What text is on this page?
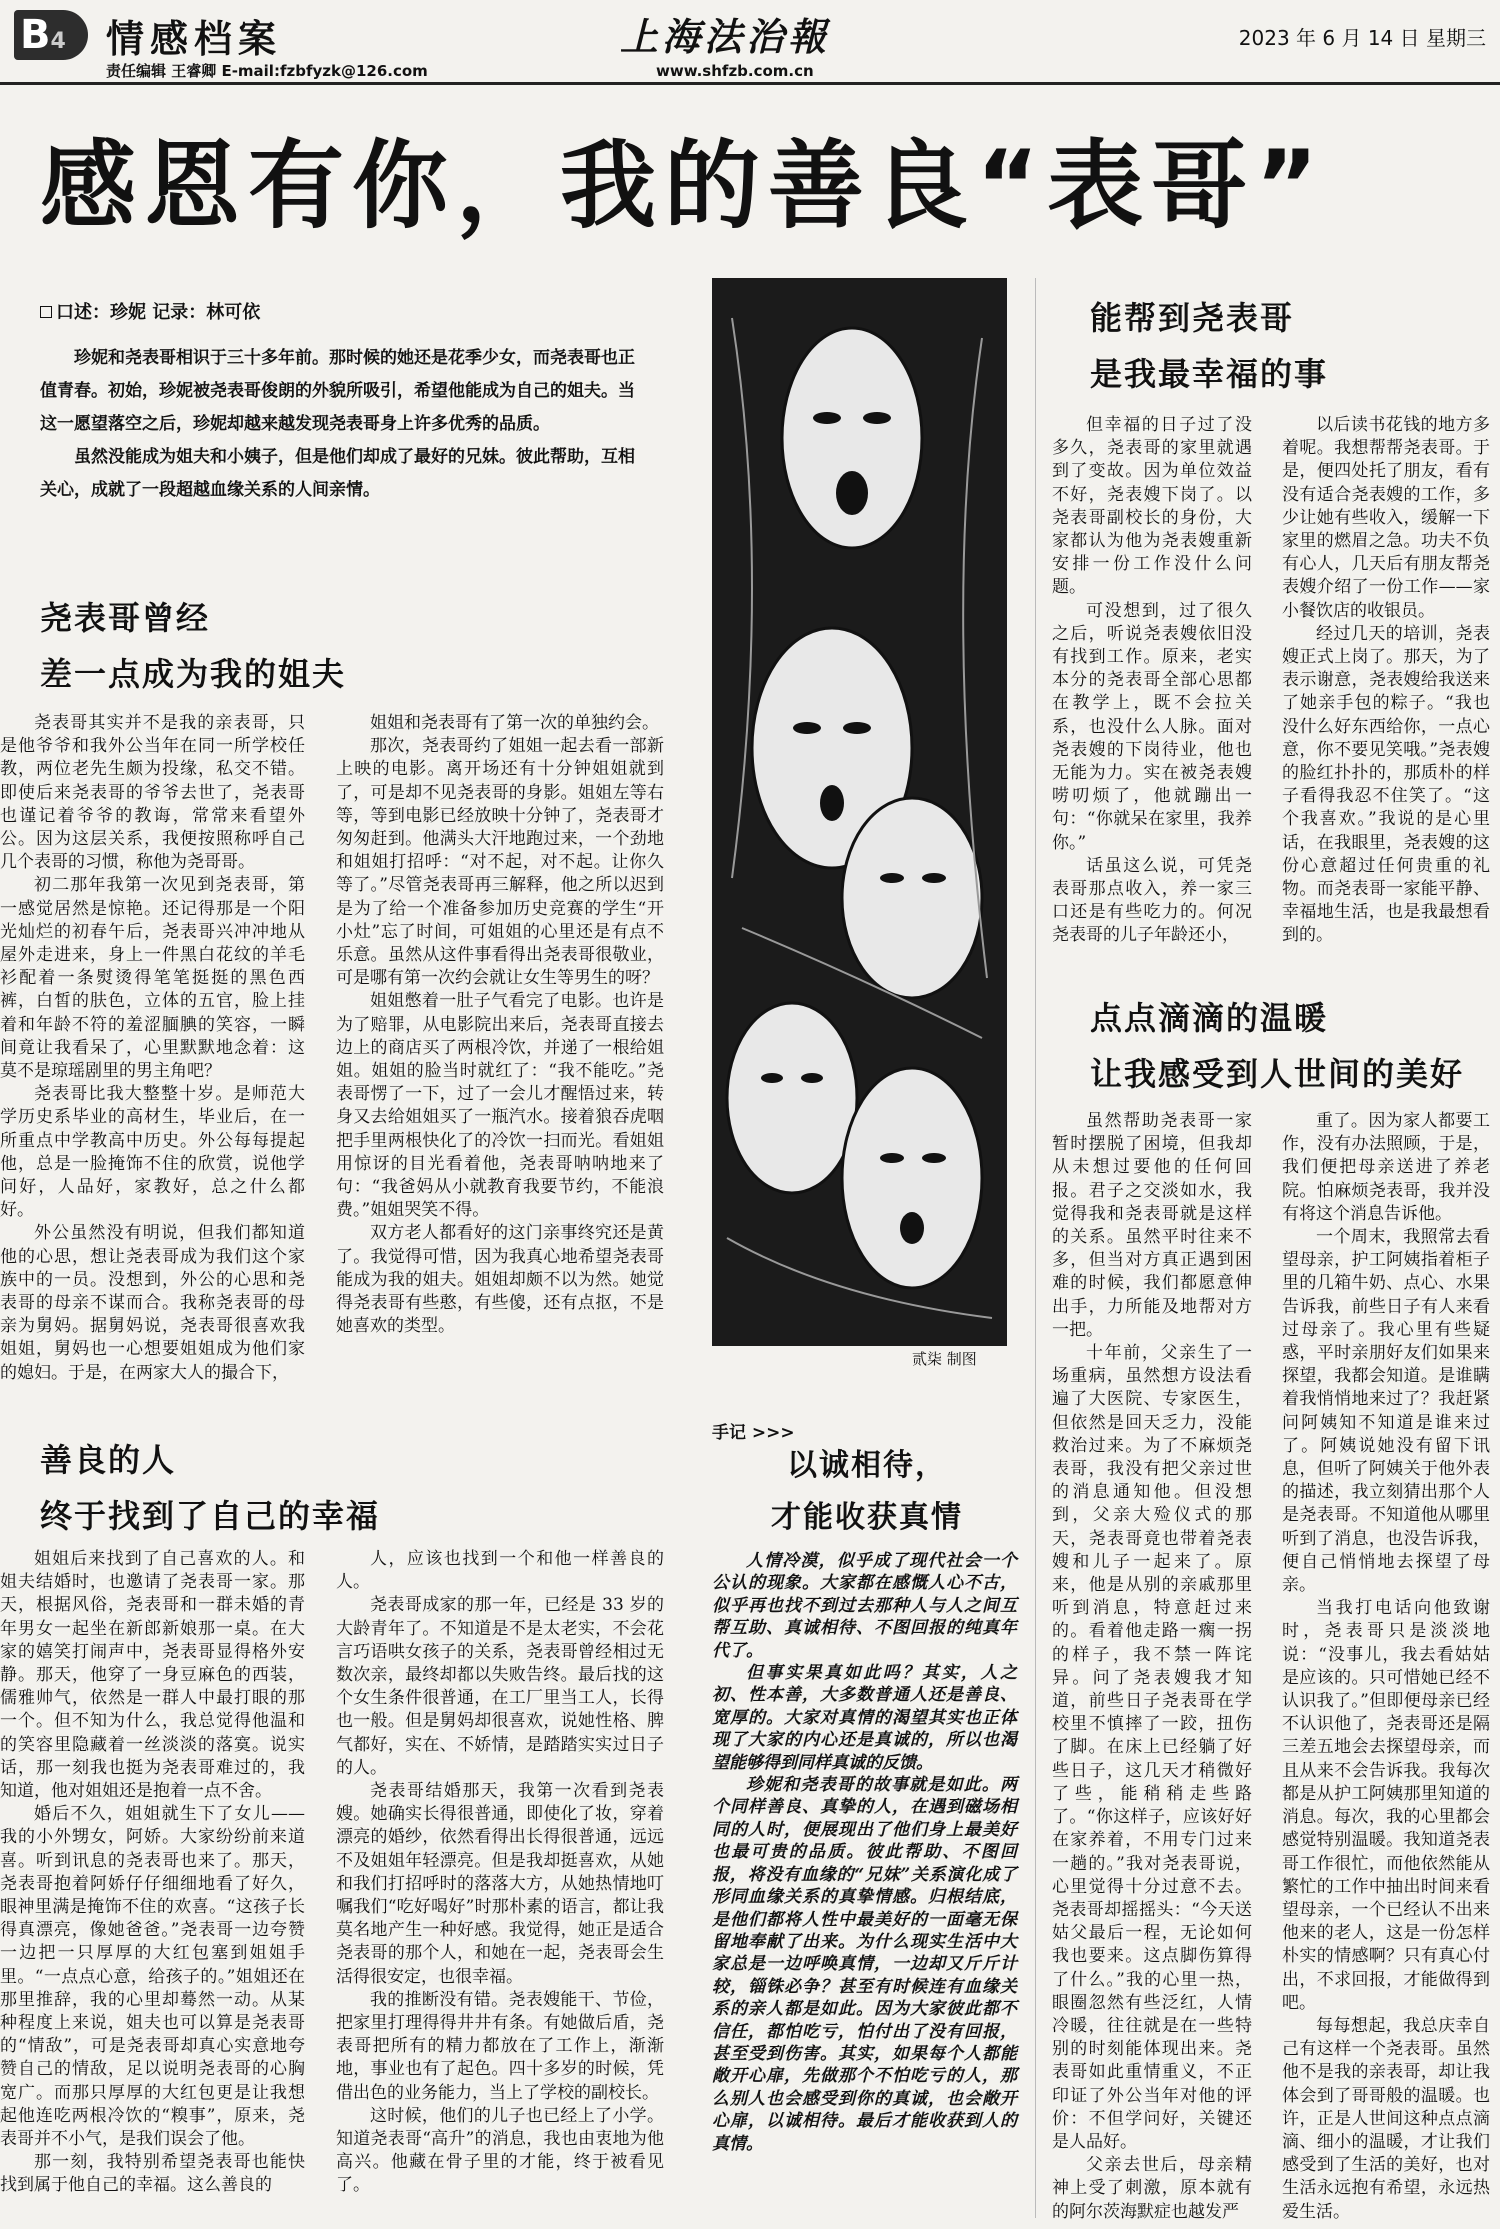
B4	情感档案
责任编辑 王睿卿 E-mail:fzbfyzk@126.com
上海法治報
www.shfzb.com.cn
2023 年 6 月 14 日 星期三
感恩有你，我的善良“表哥”
口述：珍妮 记录：林可依

珍妮和尧表哥相识于三十多年前。那时候的她还是花季少女，而尧表哥也正值青春。初始，珍妮被尧表哥俊朗的外貌所吸引，希望他能成为自己的姐夫。当这一愿望落空之后，珍妮却越来越发现尧表哥身上许多优秀的品质。

虽然没能成为姐夫和小姨子，但是他们却成了最好的兄妹。彼此帮助，互相关心，成就了一段超越血缘关系的人间亲情。

尧表哥曾经
差一点成为我的姐夫

尧表哥其实并不是我的亲表哥，只是他爷爷和我外公当年在同一所学校任教，两位老先生颇为投缘，私交不错。即使后来尧表哥的爷爷去世了，尧表哥也谨记着爷爷的教诲，常常来看望外公。因为这层关系，我便按照称呼自己几个表哥的习惯，称他为尧哥哥。

初二那年我第一次见到尧表哥，第一感觉居然是惊艳。还记得那是一个阳光灿烂的初春午后，尧表哥兴冲冲地从屋外走进来，身上一件黑白花纹的羊毛衫配着一条熨烫得笔笔挺挺的黑色西裤，白皙的肤色，立体的五官，脸上挂着和年龄不符的羞涩腼腆的笑容，一瞬间竟让我看呆了，心里默默地念着：这莫不是琼瑶剧里的男主角吧？

尧表哥比我大整整十岁。是师范大学历史系毕业的高材生，毕业后，在一所重点中学教高中历史。外公每每提起他，总是一脸掩饰不住的欣赏，说他学问好，人品好，家教好，总之什么都好。

外公虽然没有明说，但我们都知道他的心思，想让尧表哥成为我们这个家族中的一员。没想到，外公的心思和尧表哥的母亲不谋而合。我称尧表哥的母亲为舅妈。据舅妈说，尧表哥很喜欢我姐姐，舅妈也一心想要姐姐成为他们家的媳妇。于是，在两家大人的撮合下，

姐姐和尧表哥有了第一次的单独约会。

那次，尧表哥约了姐姐一起去看一部新上映的电影。离开场还有十分钟姐姐就到了，可是却不见尧表哥的身影。姐姐左等右等，等到电影已经放映十分钟了，尧表哥才匆匆赶到。他满头大汗地跑过来，一个劲地和姐姐打招呼：“对不起，对不起。让你久等了。”尽管尧表哥再三解释，他之所以迟到是为了给一个准备参加历史竞赛的学生“开小灶”忘了时间，可姐姐的心里还是有点不乐意。虽然从这件事看得出尧表哥很敬业，可是哪有第一次约会就让女生等男生的呀？

姐姐憋着一肚子气看完了电影。也许是为了赔罪，从电影院出来后，尧表哥直接去边上的商店买了两根冷饮，并递了一根给姐姐。姐姐的脸当时就红了：“我不能吃。”尧表哥愣了一下，过了一会儿才醒悟过来，转身又去给姐姐买了一瓶汽水。接着狼吞虎咽把手里两根快化了的冷饮一扫而光。看姐姐用惊讶的目光看着他，尧表哥呐呐地来了句：“我爸妈从小就教育我要节约，不能浪费。”姐姐哭笑不得。

双方老人都看好的这门亲事终究还是黄了。我觉得可惜，因为我真心地希望尧表哥能成为我的姐夫。姐姐却颇不以为然。她觉得尧表哥有些憨，有些傻，还有点抠，不是她喜欢的类型。

善良的人
终于找到了自己的幸福

姐姐后来找到了自己喜欢的人。和姐夫结婚时，也邀请了尧表哥一家。那天，根据风俗，尧表哥和一群未婚的青年男女一起坐在新郎新娘那一桌。在大家的嬉笑打闹声中，尧表哥显得格外安静。那天，他穿了一身豆麻色的西装，儒雅帅气，依然是一群人中最打眼的那一个。但不知为什么，我总觉得他温和的笑容里隐藏着一丝淡淡的落寞。说实话，那一刻我也挺为尧表哥难过的，我知道，他对姐姐还是抱着一点不舍。

婚后不久，姐姐就生下了女儿——我的小外甥女，阿娇。大家纷纷前来道喜。听到讯息的尧表哥也来了。那天，尧表哥抱着阿娇仔仔细细地看了好久，眼神里满是掩饰不住的欢喜。“这孩子长得真漂亮，像她爸爸。”尧表哥一边夸赞一边把一只厚厚的大红包塞到姐姐手里。“一点点心意，给孩子的。”姐姐还在那里推辞，我的心里却蓦然一动。从某种程度上来说，姐夫也可以算是尧表哥的“情敌”，可是尧表哥却真心实意地夸赞自己的情敌，足以说明尧表哥的心胸宽广。而那只厚厚的大红包更是让我想起他连吃两根冷饮的“糗事”，原来，尧表哥并不小气，是我们误会了他。

那一刻，我特别希望尧表哥也能快找到属于他自己的幸福。这么善良的

人，应该也找到一个和他一样善良的人。

尧表哥成家的那一年，已经是 33 岁的大龄青年了。不知道是不是太老实，不会花言巧语哄女孩子的关系，尧表哥曾经相过无数次亲，最终却都以失败告终。最后找的这个女生条件很普通，在工厂里当工人，长得也一般。但是舅妈却很喜欢，说她性格、脾气都好，实在、不娇情，是踏踏实实过日子的人。

尧表哥结婚那天，我第一次看到尧表嫂。她确实长得很普通，即使化了妆，穿着漂亮的婚纱，依然看得出长得很普通，远远不及姐姐年轻漂亮。但是我却挺喜欢，从她和我们打招呼时的落落大方，从她热情地叮嘱我们“吃好喝好”时那朴素的语言，都让我莫名地产生一种好感。我觉得，她正是适合尧表哥的那个人，和她在一起，尧表哥会生活得很安定，也很幸福。

我的推断没有错。尧表嫂能干、节俭，把家里打理得得井井有条。有她做后盾，尧表哥把所有的精力都放在了工作上，渐渐地，事业也有了起色。四十多岁的时候，凭借出色的业务能力，当上了学校的副校长。

这时候，他们的儿子也已经上了小学。知道尧表哥“高升”的消息，我也由衷地为他高兴。他藏在骨子里的才能，终于被看见了。

贰柒 制图
手记 >>>
以诚相待，
才能收获真情

人情冷漠，似乎成了现代社会一个公认的现象。大家都在感慨人心不古，似乎再也找不到过去那种人与人之间互帮互助、真诚相待、不图回报的纯真年代了。

但事实果真如此吗？其实，人之初、性本善，大多数普通人还是善良、宽厚的。大家对真情的渴望其实也正体现了大家的内心还是真诚的，所以也渴望能够得到同样真诚的反馈。

珍妮和尧表哥的故事就是如此。两个同样善良、真挚的人，在遇到磁场相同的人时，便展现出了他们身上最美好也最可贵的品质。彼此帮助、不图回报，将没有血缘的“兄妹”关系演化成了形同血缘关系的真挚情感。归根结底，是他们都将人性中最美好的一面毫无保留地奉献了出来。为什么现实生活中大家总是一边呼唤真情，一边却又斤斤计较，锱铢必争？甚至有时候连有血缘关系的亲人都是如此。因为大家彼此都不信任，都怕吃亏，怕付出了没有回报，甚至受到伤害。其实，如果每个人都能敞开心扉，先做那个不怕吃亏的人，那么别人也会感受到你的真诚，也会敞开心扉，以诚相待。最后才能收获到人的真情。

能帮到尧表哥
是我最幸福的事

但幸福的日子过了没多久，尧表哥的家里就遇到了变故。因为单位效益不好，尧表嫂下岗了。以尧表哥副校长的身份，大家都认为他为尧表嫂重新安排一份工作没什么问题。

可没想到，过了很久之后，听说尧表嫂依旧没有找到工作。原来，老实本分的尧表哥全部心思都在教学上，既不会拉关系，也没什么人脉。面对尧表嫂的下岗待业，他也无能为力。实在被尧表嫂唠叨烦了，他就蹦出一句：“你就呆在家里，我养你。”

话虽这么说，可凭尧表哥那点收入，养一家三口还是有些吃力的。何况尧表哥的儿子年龄还小，

以后读书花钱的地方多着呢。我想帮帮尧表哥。于是，便四处托了朋友，看有没有适合尧表嫂的工作，多少让她有些收入，缓解一下家里的燃眉之急。功夫不负有心人，几天后有朋友帮尧表嫂介绍了一份工作——家小餐饮店的收银员。

经过几天的培训，尧表嫂正式上岗了。那天，为了表示谢意，尧表嫂给我送来了她亲手包的粽子。“我也没什么好东西给你，一点心意，你不要见笑哦。”尧表嫂的脸红扑扑的，那质朴的样子看得我忍不住笑了。“这个我喜欢。”我说的是心里话，在我眼里，尧表嫂的这份心意超过任何贵重的礼物。而尧表哥一家能平静、幸福地生活，也是我最想看到的。

点点滴滴的温暖
让我感受到人世间的美好

虽然帮助尧表哥一家暂时摆脱了困境，但我却从未想过要他的任何回报。君子之交淡如水，我觉得我和尧表哥就是这样的关系。虽然平时往来不多，但当对方真正遇到困难的时候，我们都愿意伸出手，力所能及地帮对方一把。

十年前，父亲生了一场重病，虽然想方设法看遍了大医院、专家医生，但依然是回天乏力，没能救治过来。为了不麻烦尧表哥，我没有把父亲过世的消息通知他。但没想到，父亲大殓仪式的那天，尧表哥竟也带着尧表嫂和儿子一起来了。原来，他是从别的亲戚那里听到消息，特意赶过来的。看着他走路一瘸一拐的样子，我不禁一阵诧异。问了尧表嫂我才知道，前些日子尧表哥在学校里不慎摔了一跤，扭伤了脚。在床上已经躺了好些日子，这几天才稍微好了些，能稍稍走些路了。“你这样子，应该好好在家养着，不用专门过来一趟的。”我对尧表哥说，心里觉得十分过意不去。尧表哥却摇摇头：“今天送姑父最后一程，无论如何我也要来。这点脚伤算得了什么。”我的心里一热，眼圈忽然有些泛红，人情冷暖，往往就是在一些特别的时刻能体现出来。尧表哥如此重情重义，不正印证了外公当年对他的评价：不但学问好，关键还是人品好。

父亲去世后，母亲精神上受了刺激，原本就有的阿尔茨海默症也越发严

重了。因为家人都要工作，没有办法照顾，于是，我们便把母亲送进了养老院。怕麻烦尧表哥，我并没有将这个消息告诉他。

一个周末，我照常去看望母亲，护工阿姨指着柜子里的几箱牛奶、点心、水果告诉我，前些日子有人来看过母亲了。我心里有些疑惑，平时亲朋好友们如果来探望，我都会知道。是谁瞒着我悄悄地来过了？我赶紧问阿姨知不知道是谁来过了。阿姨说她没有留下讯息，但听了阿姨关于他外表的描述，我立刻猜出那个人是尧表哥。不知道他从哪里听到了消息，也没告诉我，便自己悄悄地去探望了母亲。

当我打电话向他致谢时，尧表哥只是淡淡地说：“没事儿，我去看姑姑是应该的。只可惜她已经不认识我了。”但即便母亲已经不认识他了，尧表哥还是隔三差五地会去探望母亲，而且从来不会告诉我。我每次都是从护工阿姨那里知道的消息。每次，我的心里都会感觉特别温暖。我知道尧表哥工作很忙，而他依然能从繁忙的工作中抽出时间来看望母亲，一个已经认不出来他来的老人，这是一份怎样朴实的情感啊？只有真心付出，不求回报，才能做得到吧。

每每想起，我总庆幸自己有这样一个尧表哥。虽然他不是我的亲表哥，却让我体会到了哥哥般的温暖。也许，正是人世间这种点点滴滴、细小的温暖，才让我们感受到了生活的美好，也对生活永远抱有希望，永远热爱生活。
